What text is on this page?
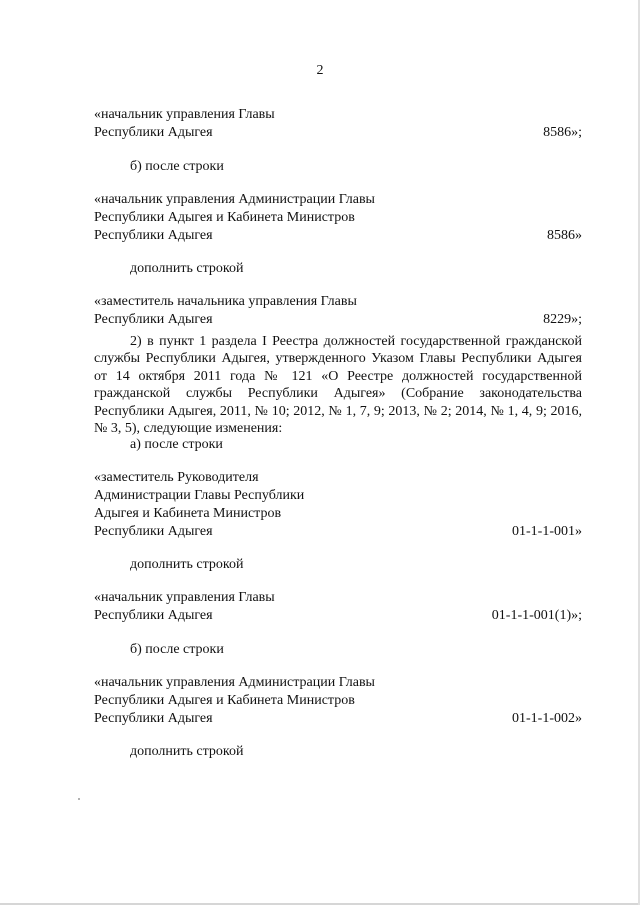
2
«начальник управления Главы
Республики Адыгея	8586»;
б) после строки
«начальник управления Администрации Главы
Республики Адыгея и Кабинета Министров
Республики Адыгея	8586»
дополнить строкой
«заместитель начальника управления Главы
Республики Адыгея	8229»;
2) в пункт 1 раздела I Реестра должностей государственной гражданской службы Республики Адыгея, утвержденного Указом Главы Республики Адыгея от 14 октября 2011 года № 121 «О Реестре должностей государственной гражданской службы Республики Адыгея» (Собрание законодательства Республики Адыгея, 2011, № 10; 2012, № 1, 7, 9; 2013, № 2; 2014, № 1, 4, 9; 2016, № 3, 5), следующие изменения:
а) после строки
«заместитель Руководителя
Администрации Главы Республики
Адыгея и Кабинета Министров
Республики Адыгея	01-1-1-001»
дополнить строкой
«начальник управления Главы
Республики Адыгея	01-1-1-001(1)»;
б) после строки
«начальник управления Администрации Главы
Республики Адыгея и Кабинета Министров
Республики Адыгея	01-1-1-002»
дополнить строкой
